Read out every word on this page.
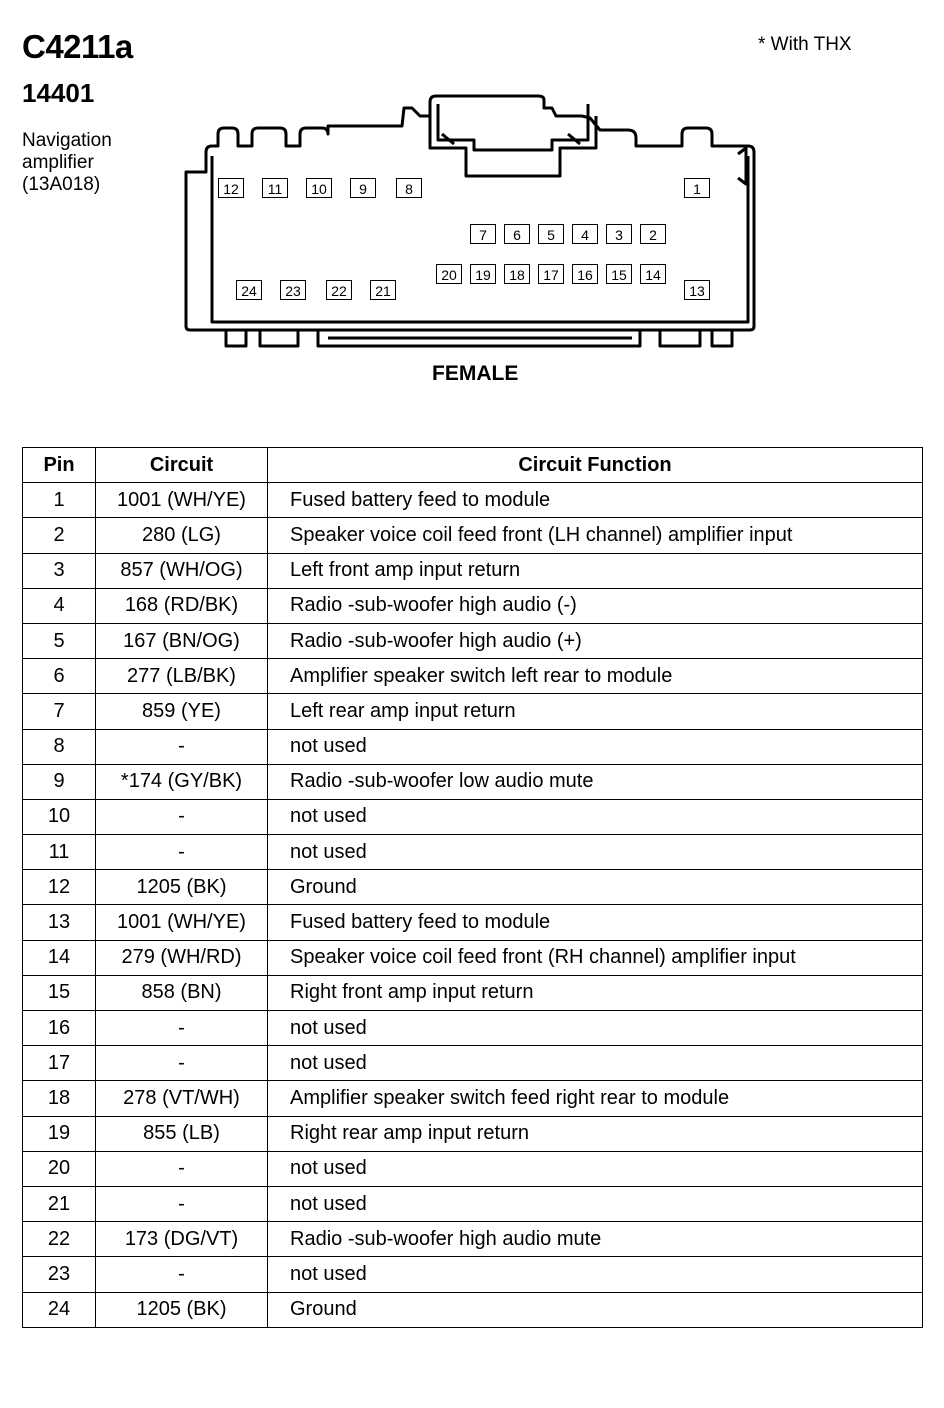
C4211a
14401
Navigation
amplifier
(13A018)
* With THX
12	11	10	9	8	1
7	6	5	4	3	2
20	19	18	17	16	15	14
24	23	22	21	13
FEMALE
Pin	Circuit	Circuit Function
1	1001 (WH/YE)	Fused battery feed to module
2	280 (LG)	Speaker voice coil feed front (LH channel) amplifier input
3	857 (WH/OG)	Left front amp input return
4	168 (RD/BK)	Radio -sub-woofer high audio (-)
5	167 (BN/OG)	Radio -sub-woofer high audio (+)
6	277 (LB/BK)	Amplifier speaker switch left rear to module
7	859 (YE)	Left rear amp input return
8	-	not used
9	*174 (GY/BK)	Radio -sub-woofer low audio mute
10	-	not used
11	-	not used
12	1205 (BK)	Ground
13	1001 (WH/YE)	Fused battery feed to module
14	279 (WH/RD)	Speaker voice coil feed front (RH channel) amplifier input
15	858 (BN)	Right front amp input return
16	-	not used
17	-	not used
18	278 (VT/WH)	Amplifier speaker switch feed right rear to module
19	855 (LB)	Right rear amp input return
20	-	not used
21	-	not used
22	173 (DG/VT)	Radio -sub-woofer high audio mute
23	-	not used
24	1205 (BK)	Ground
